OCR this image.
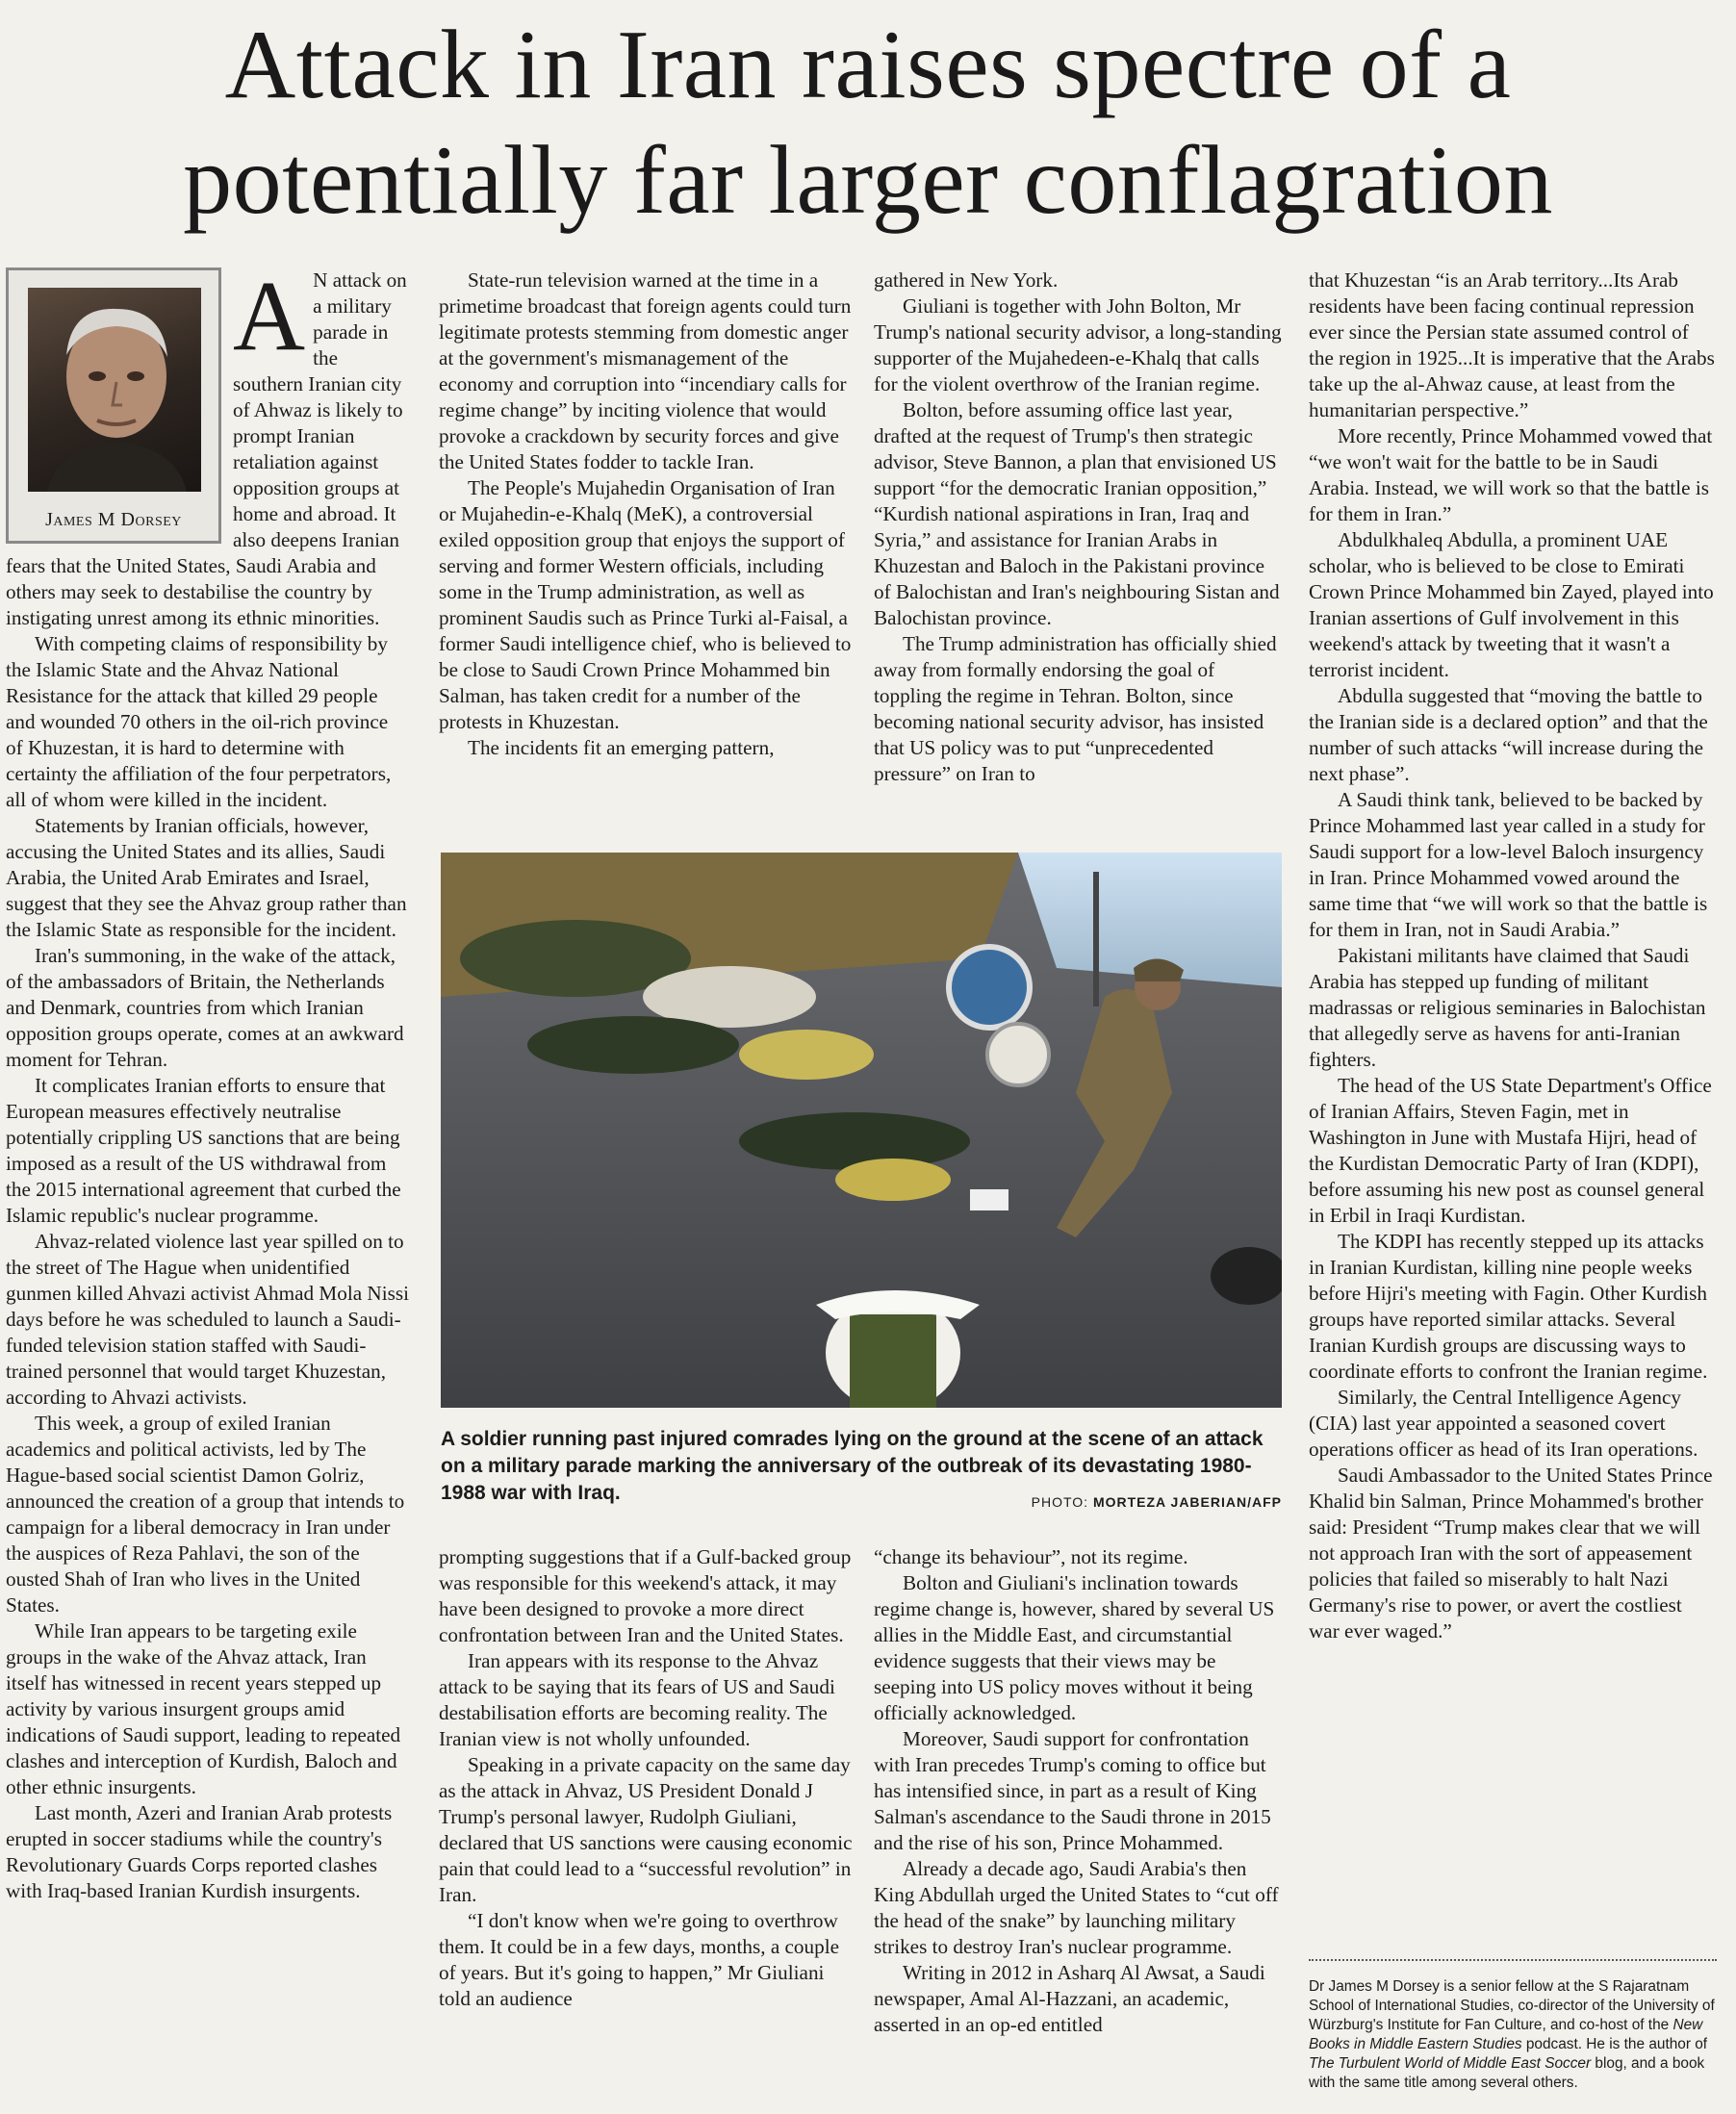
Attack in Iran raises spectre of a potentially far larger conflagration
James M Dorsey
A N attack on a military parade in the southern Iranian city of Ahwaz is likely to prompt Iranian retaliation against opposition groups at home and abroad. It also deepens Iranian fears that the United States, Saudi Arabia and others may seek to destabilise the country by instigating unrest among its ethnic minorities.

With competing claims of responsibility by the Islamic State and the Ahvaz National Resistance for the attack that killed 29 people and wounded 70 others in the oil-rich province of Khuzestan, it is hard to determine with certainty the affiliation of the four perpetrators, all of whom were killed in the incident.

Statements by Iranian officials, however, accusing the United States and its allies, Saudi Arabia, the United Arab Emirates and Israel, suggest that they see the Ahvaz group rather than the Islamic State as responsible for the incident.

Iran's summoning, in the wake of the attack, of the ambassadors of Britain, the Netherlands and Denmark, countries from which Iranian opposition groups operate, comes at an awkward moment for Tehran.

It complicates Iranian efforts to ensure that European measures effectively neutralise potentially crippling US sanctions that are being imposed as a result of the US withdrawal from the 2015 international agreement that curbed the Islamic republic's nuclear programme.

Ahvaz-related violence last year spilled on to the street of The Hague when unidentified gunmen killed Ahvazi activist Ahmad Mola Nissi days before he was scheduled to launch a Saudi-funded television station staffed with Saudi-trained personnel that would target Khuzestan, according to Ahvazi activists.

This week, a group of exiled Iranian academics and political activists, led by The Hague-based social scientist Damon Golriz, announced the creation of a group that intends to campaign for a liberal democracy in Iran under the auspices of Reza Pahlavi, the son of the ousted Shah of Iran who lives in the United States.

While Iran appears to be targeting exile groups in the wake of the Ahvaz attack, Iran itself has witnessed in recent years stepped up activity by various insurgent groups amid indications of Saudi support, leading to repeated clashes and interception of Kurdish, Baloch and other ethnic insurgents.

Last month, Azeri and Iranian Arab protests erupted in soccer stadiums while the country's Revolutionary Guards Corps reported clashes with Iraq-based Iranian Kurdish insurgents.

State-run television warned at the time in a primetime broadcast that foreign agents could turn legitimate protests stemming from domestic anger at the government's mismanagement of the economy and corruption into “incendiary calls for regime change” by inciting violence that would provoke a crackdown by security forces and give the United States fodder to tackle Iran.

The People's Mujahedin Organisation of Iran or Mujahedin-e-Khalq (MeK), a controversial exiled opposition group that enjoys the support of serving and former Western officials, including some in the Trump administration, as well as prominent Saudis such as Prince Turki al-Faisal, a former Saudi intelligence chief, who is believed to be close to Saudi Crown Prince Mohammed bin Salman, has taken credit for a number of the protests in Khuzestan.

The incidents fit an emerging pattern,

gathered in New York.

Giuliani is together with John Bolton, Mr Trump's national security advisor, a long-standing supporter of the Mujahedeen-e-Khalq that calls for the violent overthrow of the Iranian regime.

Bolton, before assuming office last year, drafted at the request of Trump's then strategic advisor, Steve Bannon, a plan that envisioned US support “for the democratic Iranian opposition,” “Kurdish national aspirations in Iran, Iraq and Syria,” and assistance for Iranian Arabs in Khuzestan and Baloch in the Pakistani province of Balochistan and Iran's neighbouring Sistan and Balochistan province.

The Trump administration has officially shied away from formally endorsing the goal of toppling the regime in Tehran. Bolton, since becoming national security advisor, has insisted that US policy was to put “unprecedented pressure” on Iran to

A soldier running past injured comrades lying on the ground at the scene of an attack on a military parade marking the anniversary of the outbreak of its devastating 1980-1988 war with Iraq.	PHOTO: MORTEZA JABERIAN/AFP

prompting suggestions that if a Gulf-backed group was responsible for this weekend's attack, it may have been designed to provoke a more direct confrontation between Iran and the United States.

Iran appears with its response to the Ahvaz attack to be saying that its fears of US and Saudi destabilisation efforts are becoming reality. The Iranian view is not wholly unfounded.

Speaking in a private capacity on the same day as the attack in Ahvaz, US President Donald J Trump's personal lawyer, Rudolph Giuliani, declared that US sanctions were causing economic pain that could lead to a “successful revolution” in Iran.

“I don't know when we're going to overthrow them. It could be in a few days, months, a couple of years. But it's going to happen,” Mr Giuliani told an audience

“change its behaviour”, not its regime.

Bolton and Giuliani's inclination towards regime change is, however, shared by several US allies in the Middle East, and circumstantial evidence suggests that their views may be seeping into US policy moves without it being officially acknowledged.

Moreover, Saudi support for confrontation with Iran precedes Trump's coming to office but has intensified since, in part as a result of King Salman's ascendance to the Saudi throne in 2015 and the rise of his son, Prince Mohammed.

Already a decade ago, Saudi Arabia's then King Abdullah urged the United States to “cut off the head of the snake” by launching military strikes to destroy Iran's nuclear programme.

Writing in 2012 in Asharq Al Awsat, a Saudi newspaper, Amal Al-Hazzani, an academic, asserted in an op-ed entitled

that Khuzestan “is an Arab territory...Its Arab residents have been facing continual repression ever since the Persian state assumed control of the region in 1925...It is imperative that the Arabs take up the al-Ahwaz cause, at least from the humanitarian perspective.”

More recently, Prince Mohammed vowed that “we won't wait for the battle to be in Saudi Arabia. Instead, we will work so that the battle is for them in Iran.”

Abdulkhaleq Abdulla, a prominent UAE scholar, who is believed to be close to Emirati Crown Prince Mohammed bin Zayed, played into Iranian assertions of Gulf involvement in this weekend's attack by tweeting that it wasn't a terrorist incident.

Abdulla suggested that “moving the battle to the Iranian side is a declared option” and that the number of such attacks “will increase during the next phase”.

A Saudi think tank, believed to be backed by Prince Mohammed last year called in a study for Saudi support for a low-level Baloch insurgency in Iran. Prince Mohammed vowed around the same time that “we will work so that the battle is for them in Iran, not in Saudi Arabia.”

Pakistani militants have claimed that Saudi Arabia has stepped up funding of militant madrassas or religious seminaries in Balochistan that allegedly serve as havens for anti-Iranian fighters.

The head of the US State Department's Office of Iranian Affairs, Steven Fagin, met in Washington in June with Mustafa Hijri, head of the Kurdistan Democratic Party of Iran (KDPI), before assuming his new post as counsel general in Erbil in Iraqi Kurdistan.

The KDPI has recently stepped up its attacks in Iranian Kurdistan, killing nine people weeks before Hijri's meeting with Fagin. Other Kurdish groups have reported similar attacks. Several Iranian Kurdish groups are discussing ways to coordinate efforts to confront the Iranian regime.

Similarly, the Central Intelligence Agency (CIA) last year appointed a seasoned covert operations officer as head of its Iran operations.

Saudi Ambassador to the United States Prince Khalid bin Salman, Prince Mohammed's brother said: President “Trump makes clear that we will not approach Iran with the sort of appeasement policies that failed so miserably to halt Nazi Germany's rise to power, or avert the costliest war ever waged.”

Dr James M Dorsey is a senior fellow at the S Rajaratnam School of International Studies, co-director of the University of Würzburg's Institute for Fan Culture, and co-host of the New Books in Middle Eastern Studies podcast. He is the author of The Turbulent World of Middle East Soccer blog, and a book with the same title among several others.
